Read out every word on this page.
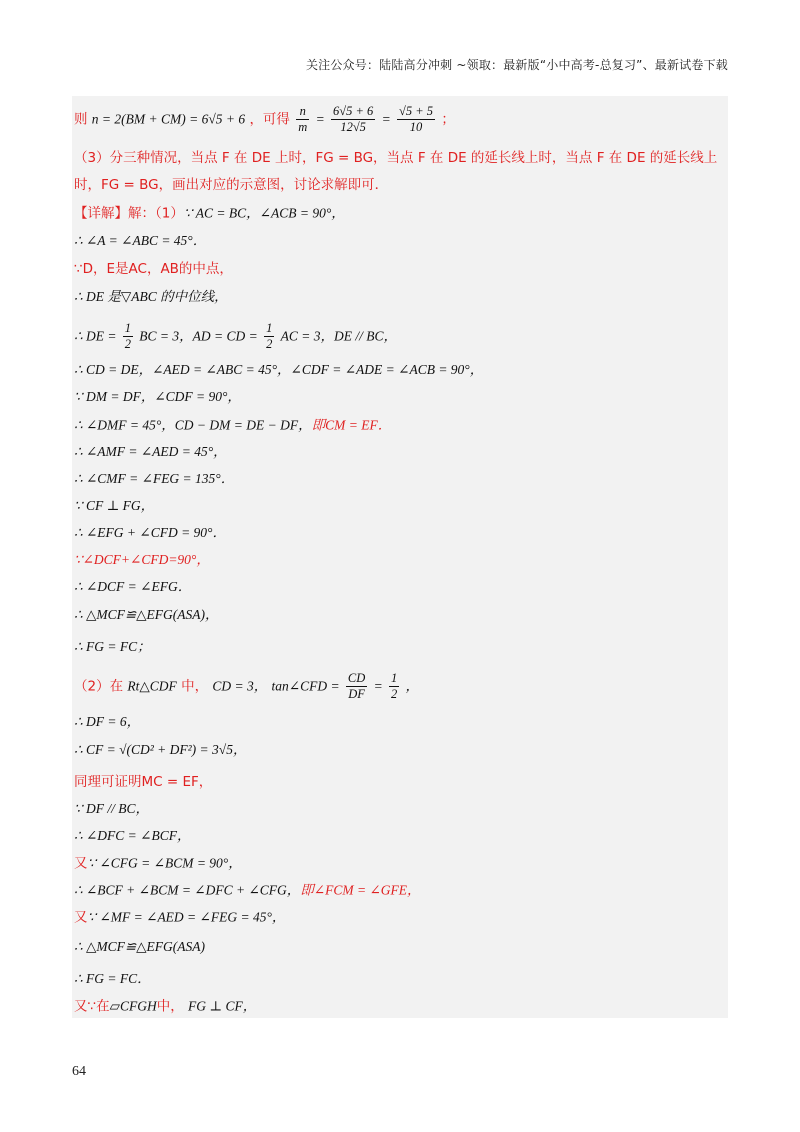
关注公众号：陆陆高分冲刺 ~领取：最新版“小中高考-总复习”、最新试卷下载
则 n = 2(BM + CM) = 6√5 + 6 ，可得 $\frac{n}{m} = \frac{6√5 + 6}{12√5} = \frac{√5 + 5}{10}$ ；
（3）分三种情况，当点 F 在 DE 上时，FG = BG，当点 F 在 DE 的延长线上时，当点 F 在 DE 的延长线上
时，FG = BG，画出对应的示意图，讨论求解即可．
【详解】解：（1）∵ AC = BC，∠ACB = 90°，
∴ ∠A = ∠ABC = 45°．
∵D，E是AC，AB的中点，
∴ DE 是▽ABC 的中位线，
∴ DE = $\frac{1}{2}$ BC = 3，AD = CD = $\frac{1}{2}$ AC = 3，DE // BC，
∴ CD = DE，∠AED = ∠ABC = 45°，∠CDF = ∠ADE = ∠ACB = 90°，
∵ DM = DF，∠CDF = 90°，
∴ ∠DMF = 45°，CD − DM = DE − DF，即CM = EF．
∴ ∠AMF = ∠AED = 45°，
∴ ∠CMF = ∠FEG = 135°．
∵ CF ⊥ FG，
∴ ∠EFG + ∠CFD = 90°．
∵∠DCF+∠CFD=90°，
∴ ∠DCF = ∠EFG．
∴ △MCF≌△EFG(ASA)，
∴ FG = FC；
（2）在 Rt△CDF 中， CD = 3， tan∠CFD = $\frac{CD}{DF} = \frac{1}{2}$ ，
∴ DF = 6，
∴ CF = √(CD² + DF²) = 3√5，
同理可证明MC = EF，
∵ DF // BC，
∴ ∠DFC = ∠BCF，
又∵ ∠CFG = ∠BCM = 90°，
∴ ∠BCF + ∠BCM = ∠DFC + ∠CFG，即∠FCM = ∠GFE，
又∵ ∠MF = ∠AED = ∠FEG = 45°，
∴ △MCF≌△EFG(ASA)
∴ FG = FC．
又∵在▱CFGH中， FG ⊥ CF，
64
